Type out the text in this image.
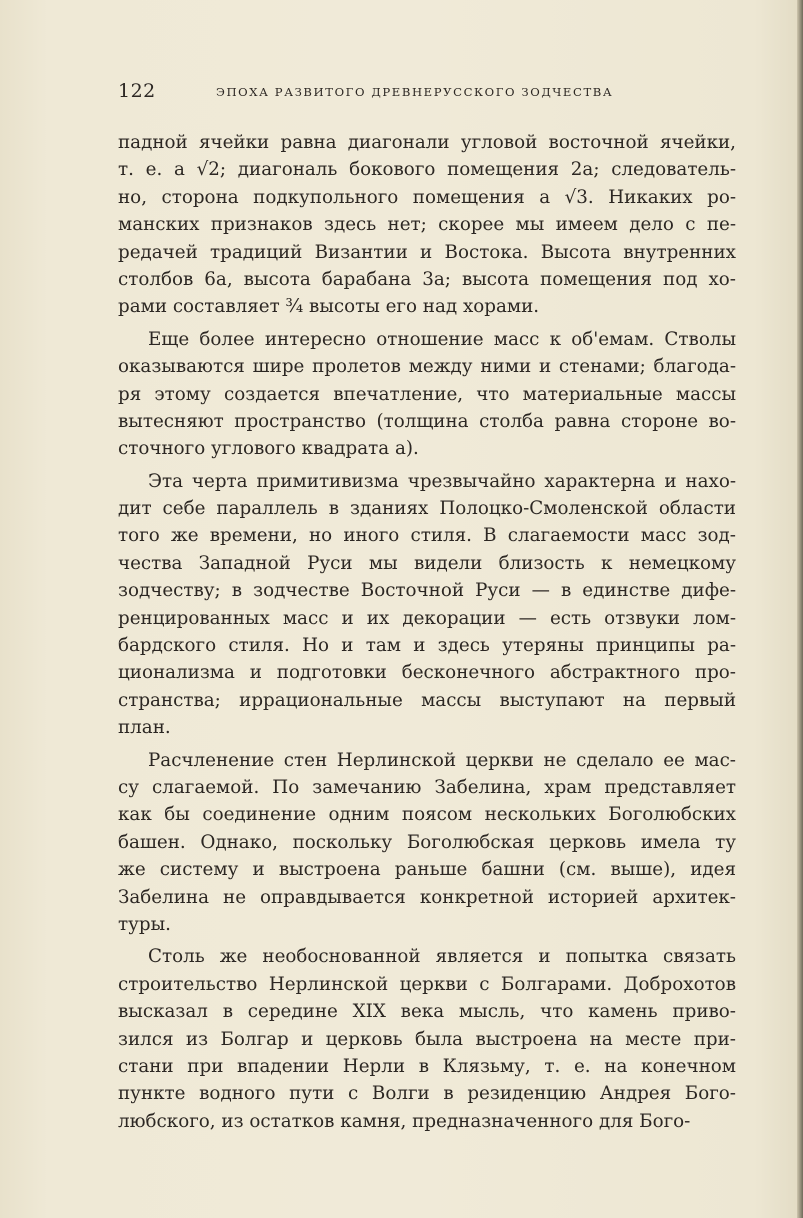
122	ЭПОХА РАЗВИТОГО ДРЕВНЕРУССКОГО ЗОДЧЕСТВА
падной ячейки равна диагонали угловой восточной ячейки,
т. е. a √2; диагональ бокового помещения 2a; следователь-
но, сторона подкупольного помещения a √3. Никаких ро-
манских признаков здесь нет; скорее мы имеем дело с пе-
редачей традиций Византии и Востока. Высота внутренних
столбов 6a, высота барабана 3a; высота помещения под хо-
рами составляет ¾ высоты его над хорами.
Еще более интересно отношение масс к об'емам. Стволы
оказываются шире пролетов между ними и стенами; благода-
ря этому создается впечатление, что материальные массы
вытесняют пространство (толщина столба равна стороне во-
сточного углового квадрата a).
Эта черта примитивизма чрезвычайно характерна и нахо-
дит себе параллель в зданиях Полоцко-Смоленской области
того же времени, но иного стиля. В слагаемости масс зод-
чества Западной Руси мы видели близость к немецкому
зодчеству; в зодчестве Восточной Руси — в единстве дифе-
ренцированных масс и их декорации — есть отзвуки лом-
бардского стиля. Но и там и здесь утеряны принципы ра-
ционализма и подготовки бесконечного абстрактного про-
странства; иррациональные массы выступают на первый
план.
Расчленение стен Нерлинской церкви не сделало ее мас-
су слагаемой. По замечанию Забелина, храм представляет
как бы соединение одним поясом нескольких Боголюбских
башен. Однако, поскольку Боголюбская церковь имела ту
же систему и выстроена раньше башни (см. выше), идея
Забелина не оправдывается конкретной историей архитек-
туры.
Столь же необоснованной является и попытка связать
строительство Нерлинской церкви с Болгарами. Доброхотов
высказал в середине XIX века мысль, что камень приво-
зился из Болгар и церковь была выстроена на месте при-
стани при впадении Нерли в Клязьму, т. е. на конечном
пункте водного пути с Волги в резиденцию Андрея Бого-
любского, из остатков камня, предназначенного для Бого-
